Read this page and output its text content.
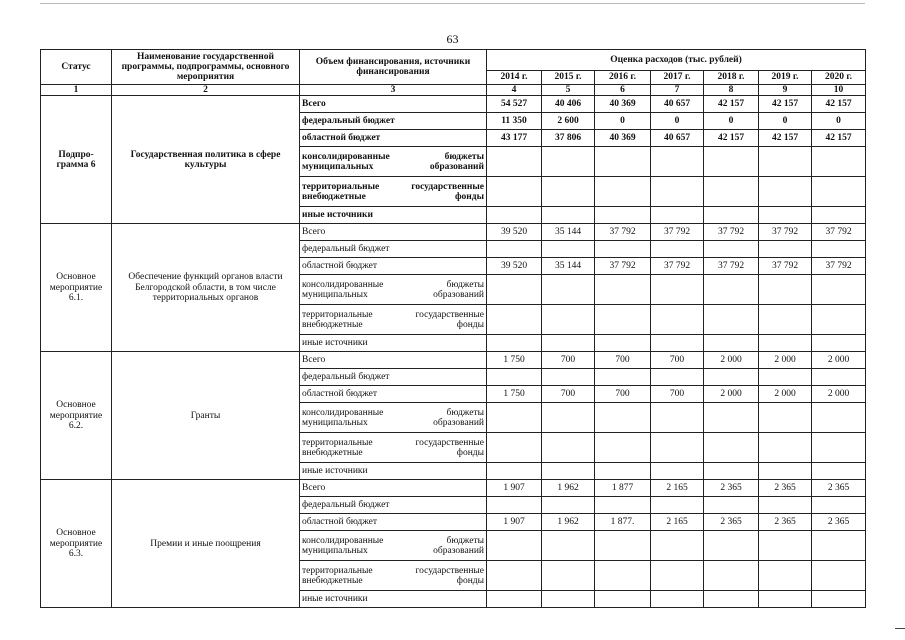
63
Статус	Наименование государственной программы, подпрограммы, основного мероприятия	Объем финансирования, источники финансирования	Оценка расходов (тыс. рублей)						
			2014 г.	2015 г.	2016 г.	2017 г.	2018 г.	2019 г.	2020 г.
1	2	3	4	5	6	7	8	9	10
Подпро-грамма 6	Государственная политика в сфере культуры	Всего	54 527	40 406	40 369	40 657	42 157	42 157	42 157
		федеральный бюджет	11 350	2 600	0	0	0	0	0
		областной бюджет	43 177	37 806	40 369	40 657	42 157	42 157	42 157
		консолидированные бюджеты муниципальных образований							
		территориальные государственные внебюджетные фонды							
		иные источники							
Основное мероприятие 6.1.	Обеспечение функций органов власти Белгородской области, в том числе территориальных органов	Всего	39 520	35 144	37 792	37 792	37 792	37 792	37 792
		федеральный бюджет							
		областной бюджет	39 520	35 144	37 792	37 792	37 792	37 792	37 792
		консолидированные бюджеты муниципальных образований							
		территориальные государственные внебюджетные фонды							
		иные источники							
Основное мероприятие 6.2.	Гранты	Всего	1 750	700	700	700	2 000	2 000	2 000
		федеральный бюджет							
		областной бюджет	1 750	700	700	700	2 000	2 000	2 000
		консолидированные бюджеты муниципальных образований							
		территориальные государственные внебюджетные фонды							
		иные источники							
Основное мероприятие 6.3.	Премии и иные поощрения	Всего	1 907	1 962	1 877	2 165	2 365	2 365	2 365
		федеральный бюджет							
		областной бюджет	1 907	1 962	1 877.	2 165	2 365	2 365	2 365
		консолидированные бюджеты муниципальных образований							
		территориальные государственные внебюджетные фонды							
		иные источники							
